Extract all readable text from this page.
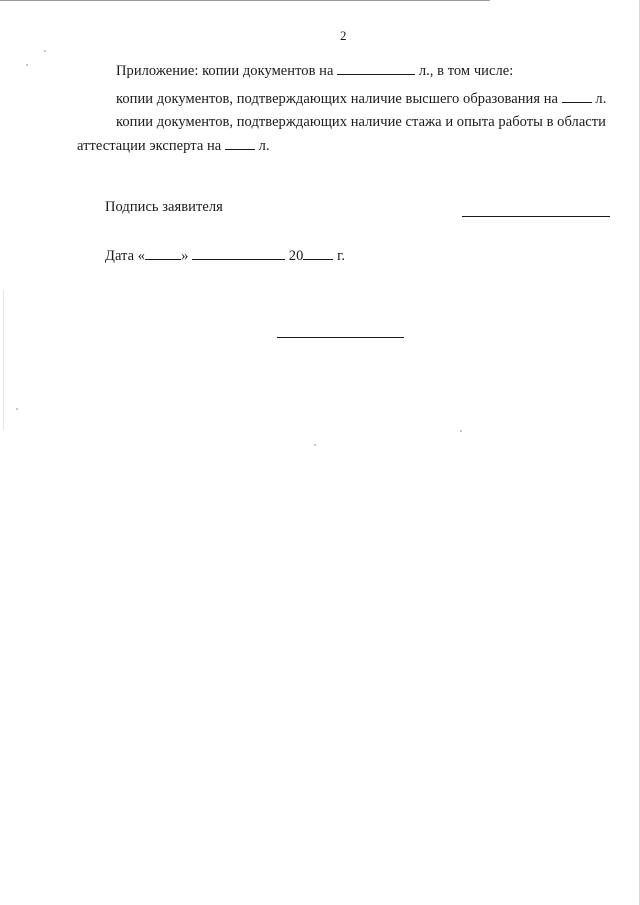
2
Приложение: копии документов на	л., в том числе:
копии документов, подтверждающих наличие высшего образования на	л.
копии документов, подтверждающих наличие стажа и опыта работы в области
аттестации эксперта на	л.
Подпись заявителя
Дата « »	20 г.
